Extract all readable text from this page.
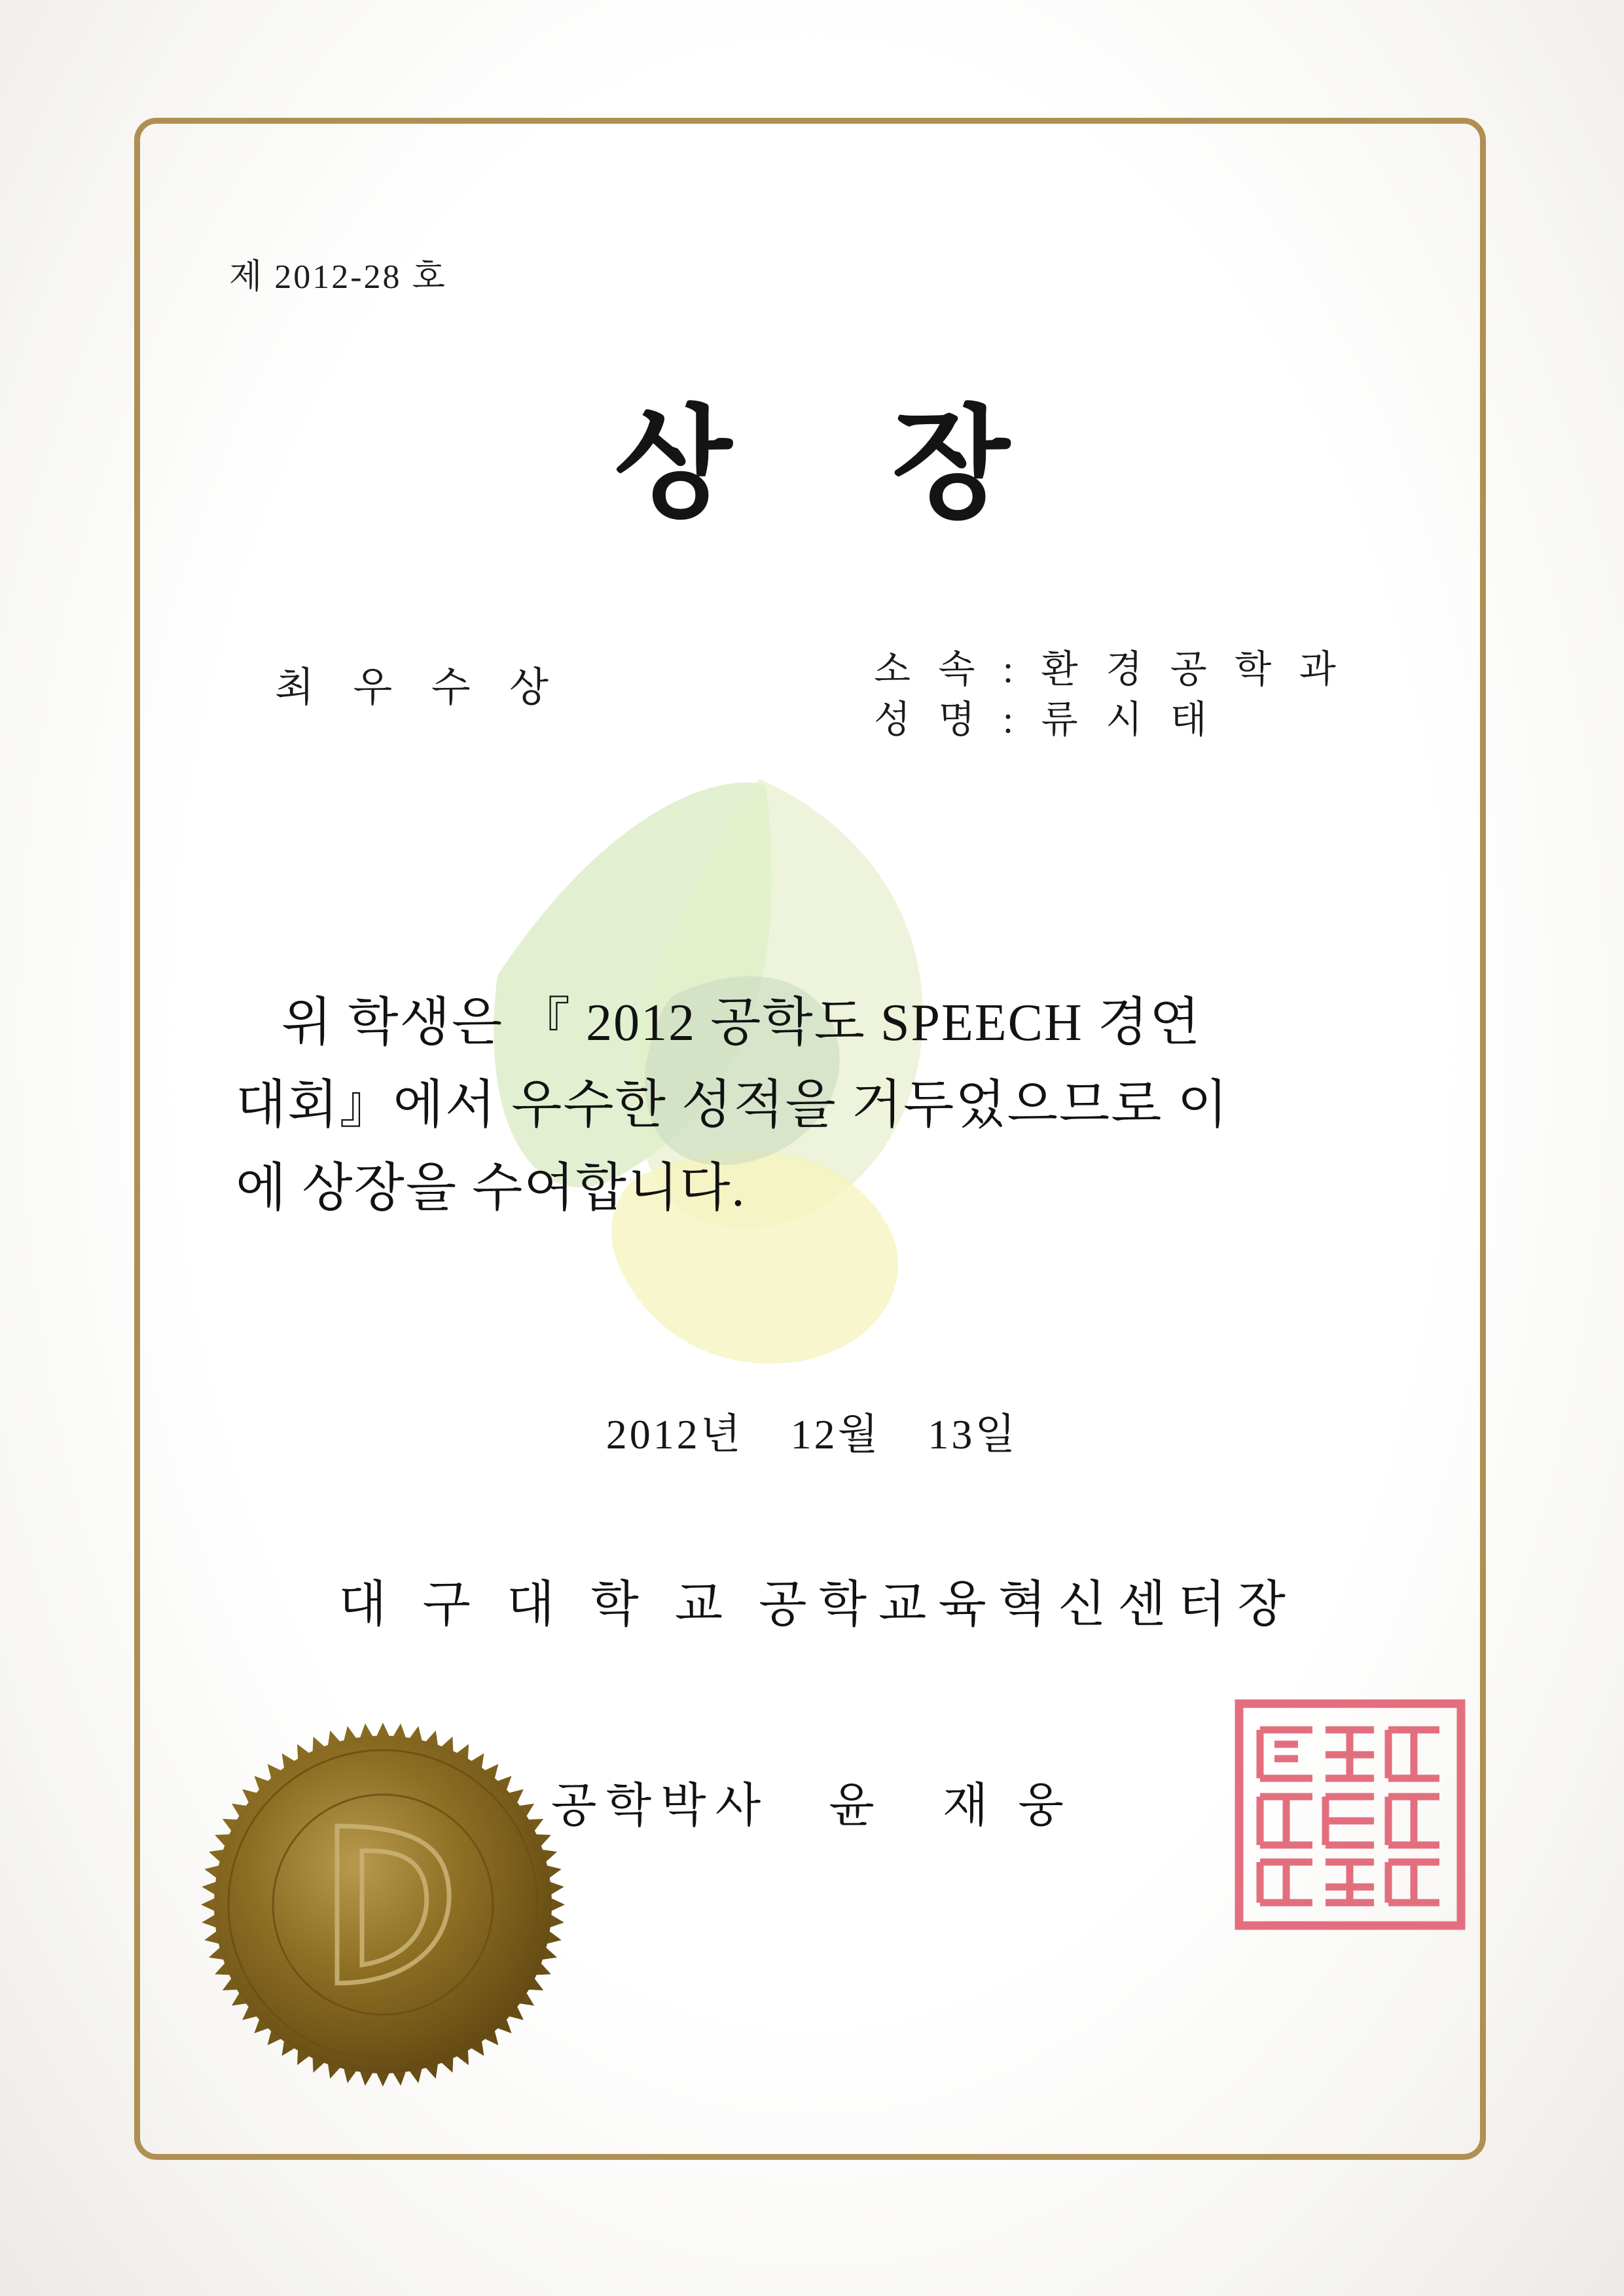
제 2012-28 호
상 장
최 우 수 상	소 속 : 환 경 공 학 과
성 명 : 류 시 태
위 학생은 『 2012 공학도 SPEECH 경연
대회』에서 우수한 성적을 거두었으므로 이
에 상장을 수여합니다.
2012년 12월 13일
대 구 대 학 교 공학교육혁신센터장
공학박사 윤 재 웅
